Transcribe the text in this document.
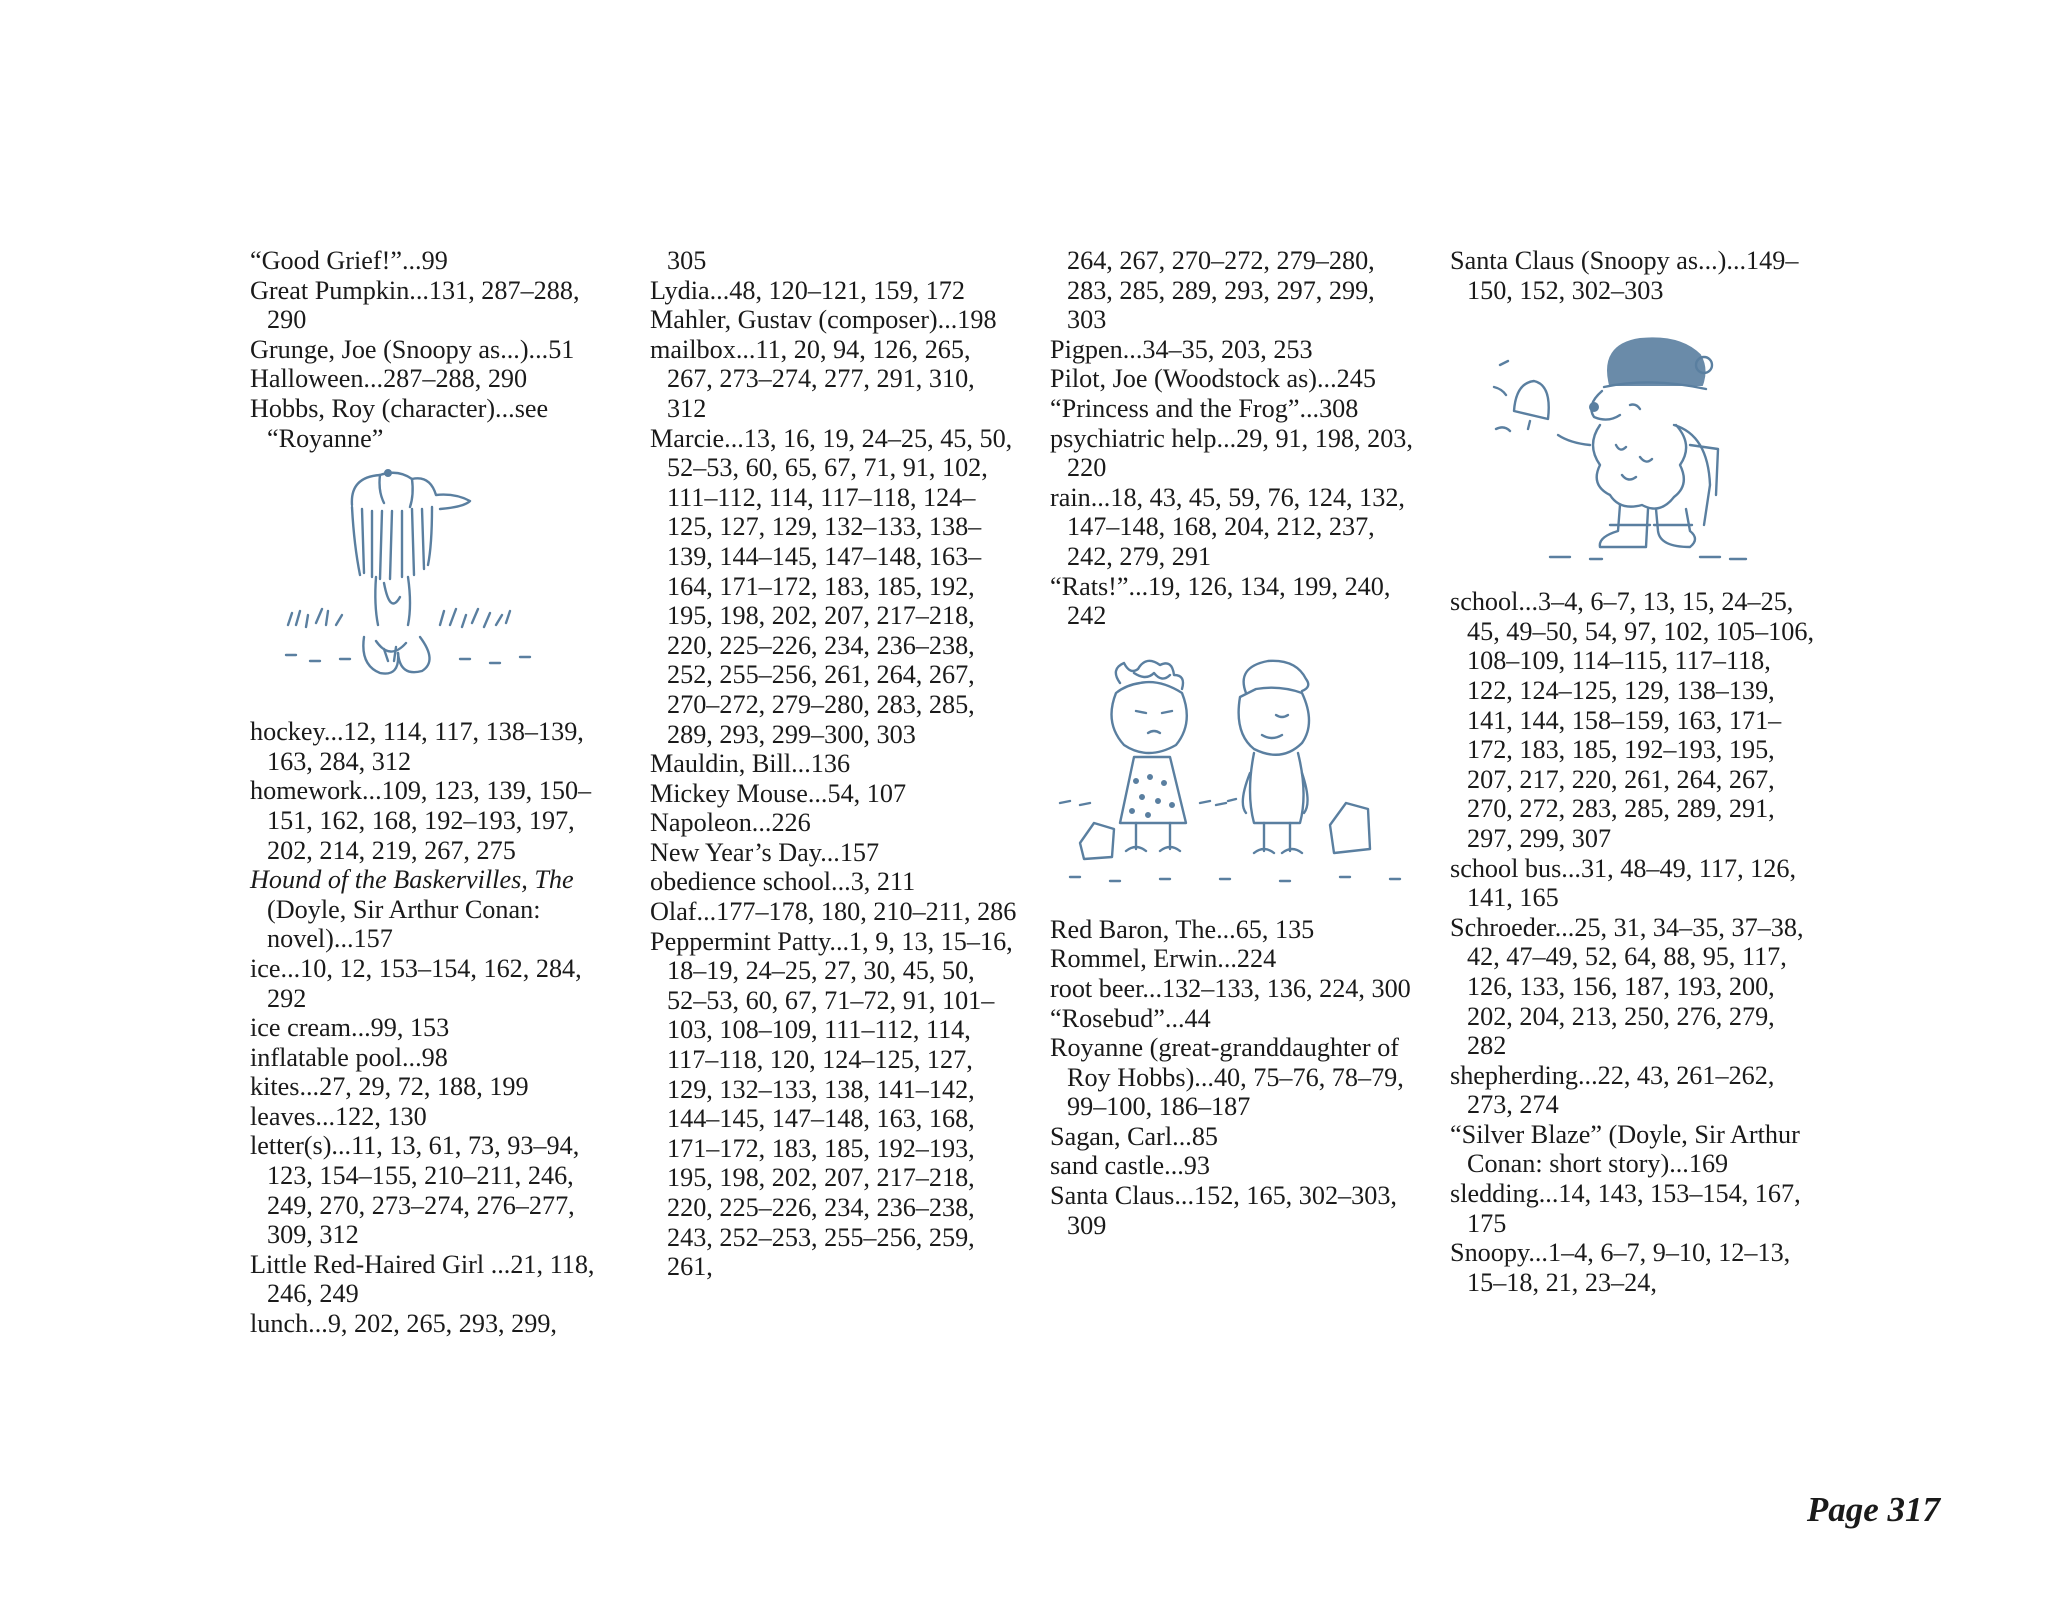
“Good Grief!”...99

Great Pumpkin...131, 287–288, 290

Grunge, Joe (Snoopy as...)...51

Halloween...287–288, 290

Hobbs, Roy (character)...see “Royanne”

hockey...12, 114, 117, 138–139, 163, 284, 312

homework...109, 123, 139, 150–151, 162, 168, 192–193, 197, 202, 214, 219, 267, 275

Hound of the Baskervilles, The (Doyle, Sir Arthur Conan: novel)...157

ice...10, 12, 153–154, 162, 284, 292

ice cream...99, 153

inflatable pool...98

kites...27, 29, 72, 188, 199

leaves...122, 130

letter(s)...11, 13, 61, 73, 93–94, 123, 154–155, 210–211, 246, 249, 270, 273–274, 276–277, 309, 312

Little Red-Haired Girl ...21, 118, 246, 249

lunch...9, 202, 265, 293, 299,

305

Lydia...48, 120–121, 159, 172

Mahler, Gustav (composer)...198

mailbox...11, 20, 94, 126, 265, 267, 273–274, 277, 291, 310, 312

Marcie...13, 16, 19, 24–25, 45, 50, 52–53, 60, 65, 67, 71, 91, 102, 111–112, 114, 117–118, 124–125, 127, 129, 132–133, 138–139, 144–145, 147–148, 163–164, 171–172, 183, 185, 192, 195, 198, 202, 207, 217–218, 220, 225–226, 234, 236–238, 252, 255–256, 261, 264, 267, 270–272, 279–280, 283, 285, 289, 293, 299–300, 303

Mauldin, Bill...136

Mickey Mouse...54, 107

Napoleon...226

New Year’s Day...157

obedience school...3, 211

Olaf...177–178, 180, 210–211, 286

Peppermint Patty...1, 9, 13, 15–16, 18–19, 24–25, 27, 30, 45, 50, 52–53, 60, 67, 71–72, 91, 101–103, 108–109, 111–112, 114, 117–118, 120, 124–125, 127, 129, 132–133, 138, 141–142, 144–145, 147–148, 163, 168, 171–172, 183, 185, 192–193, 195, 198, 202, 207, 217–218, 220, 225–226, 234, 236–238, 243, 252–253, 255–256, 259, 261,

264, 267, 270–272, 279–280, 283, 285, 289, 293, 297, 299, 303

Pigpen...34–35, 203, 253

Pilot, Joe (Woodstock as)...245

“Princess and the Frog”...308

psychiatric help...29, 91, 198, 203, 220

rain...18, 43, 45, 59, 76, 124, 132, 147–148, 168, 204, 212, 237, 242, 279, 291

“Rats!”...19, 126, 134, 199, 240, 242

Red Baron, The...65, 135

Rommel, Erwin...224

root beer...132–133, 136, 224, 300

“Rosebud”...44

Royanne (great-granddaughter of Roy Hobbs)...40, 75–76, 78–79, 99–100, 186–187

Sagan, Carl...85

sand castle...93

Santa Claus...152, 165, 302–303, 309

Santa Claus (Snoopy as...)...149–150, 152, 302–303

school...3–4, 6–7, 13, 15, 24–25, 45, 49–50, 54, 97, 102, 105–106, 108–109, 114–115, 117–118, 122, 124–125, 129, 138–139, 141, 144, 158–159, 163, 171–172, 183, 185, 192–193, 195, 207, 217, 220, 261, 264, 267, 270, 272, 283, 285, 289, 291, 297, 299, 307

school bus...31, 48–49, 117, 126, 141, 165

Schroeder...25, 31, 34–35, 37–38, 42, 47–49, 52, 64, 88, 95, 117, 126, 133, 156, 187, 193, 200, 202, 204, 213, 250, 276, 279, 282

shepherding...22, 43, 261–262, 273, 274

“Silver Blaze” (Doyle, Sir Arthur Conan: short story)...169

sledding...14, 143, 153–154, 167, 175

Snoopy...1–4, 6–7, 9–10, 12–13, 15–18, 21, 23–24,

Page 317
